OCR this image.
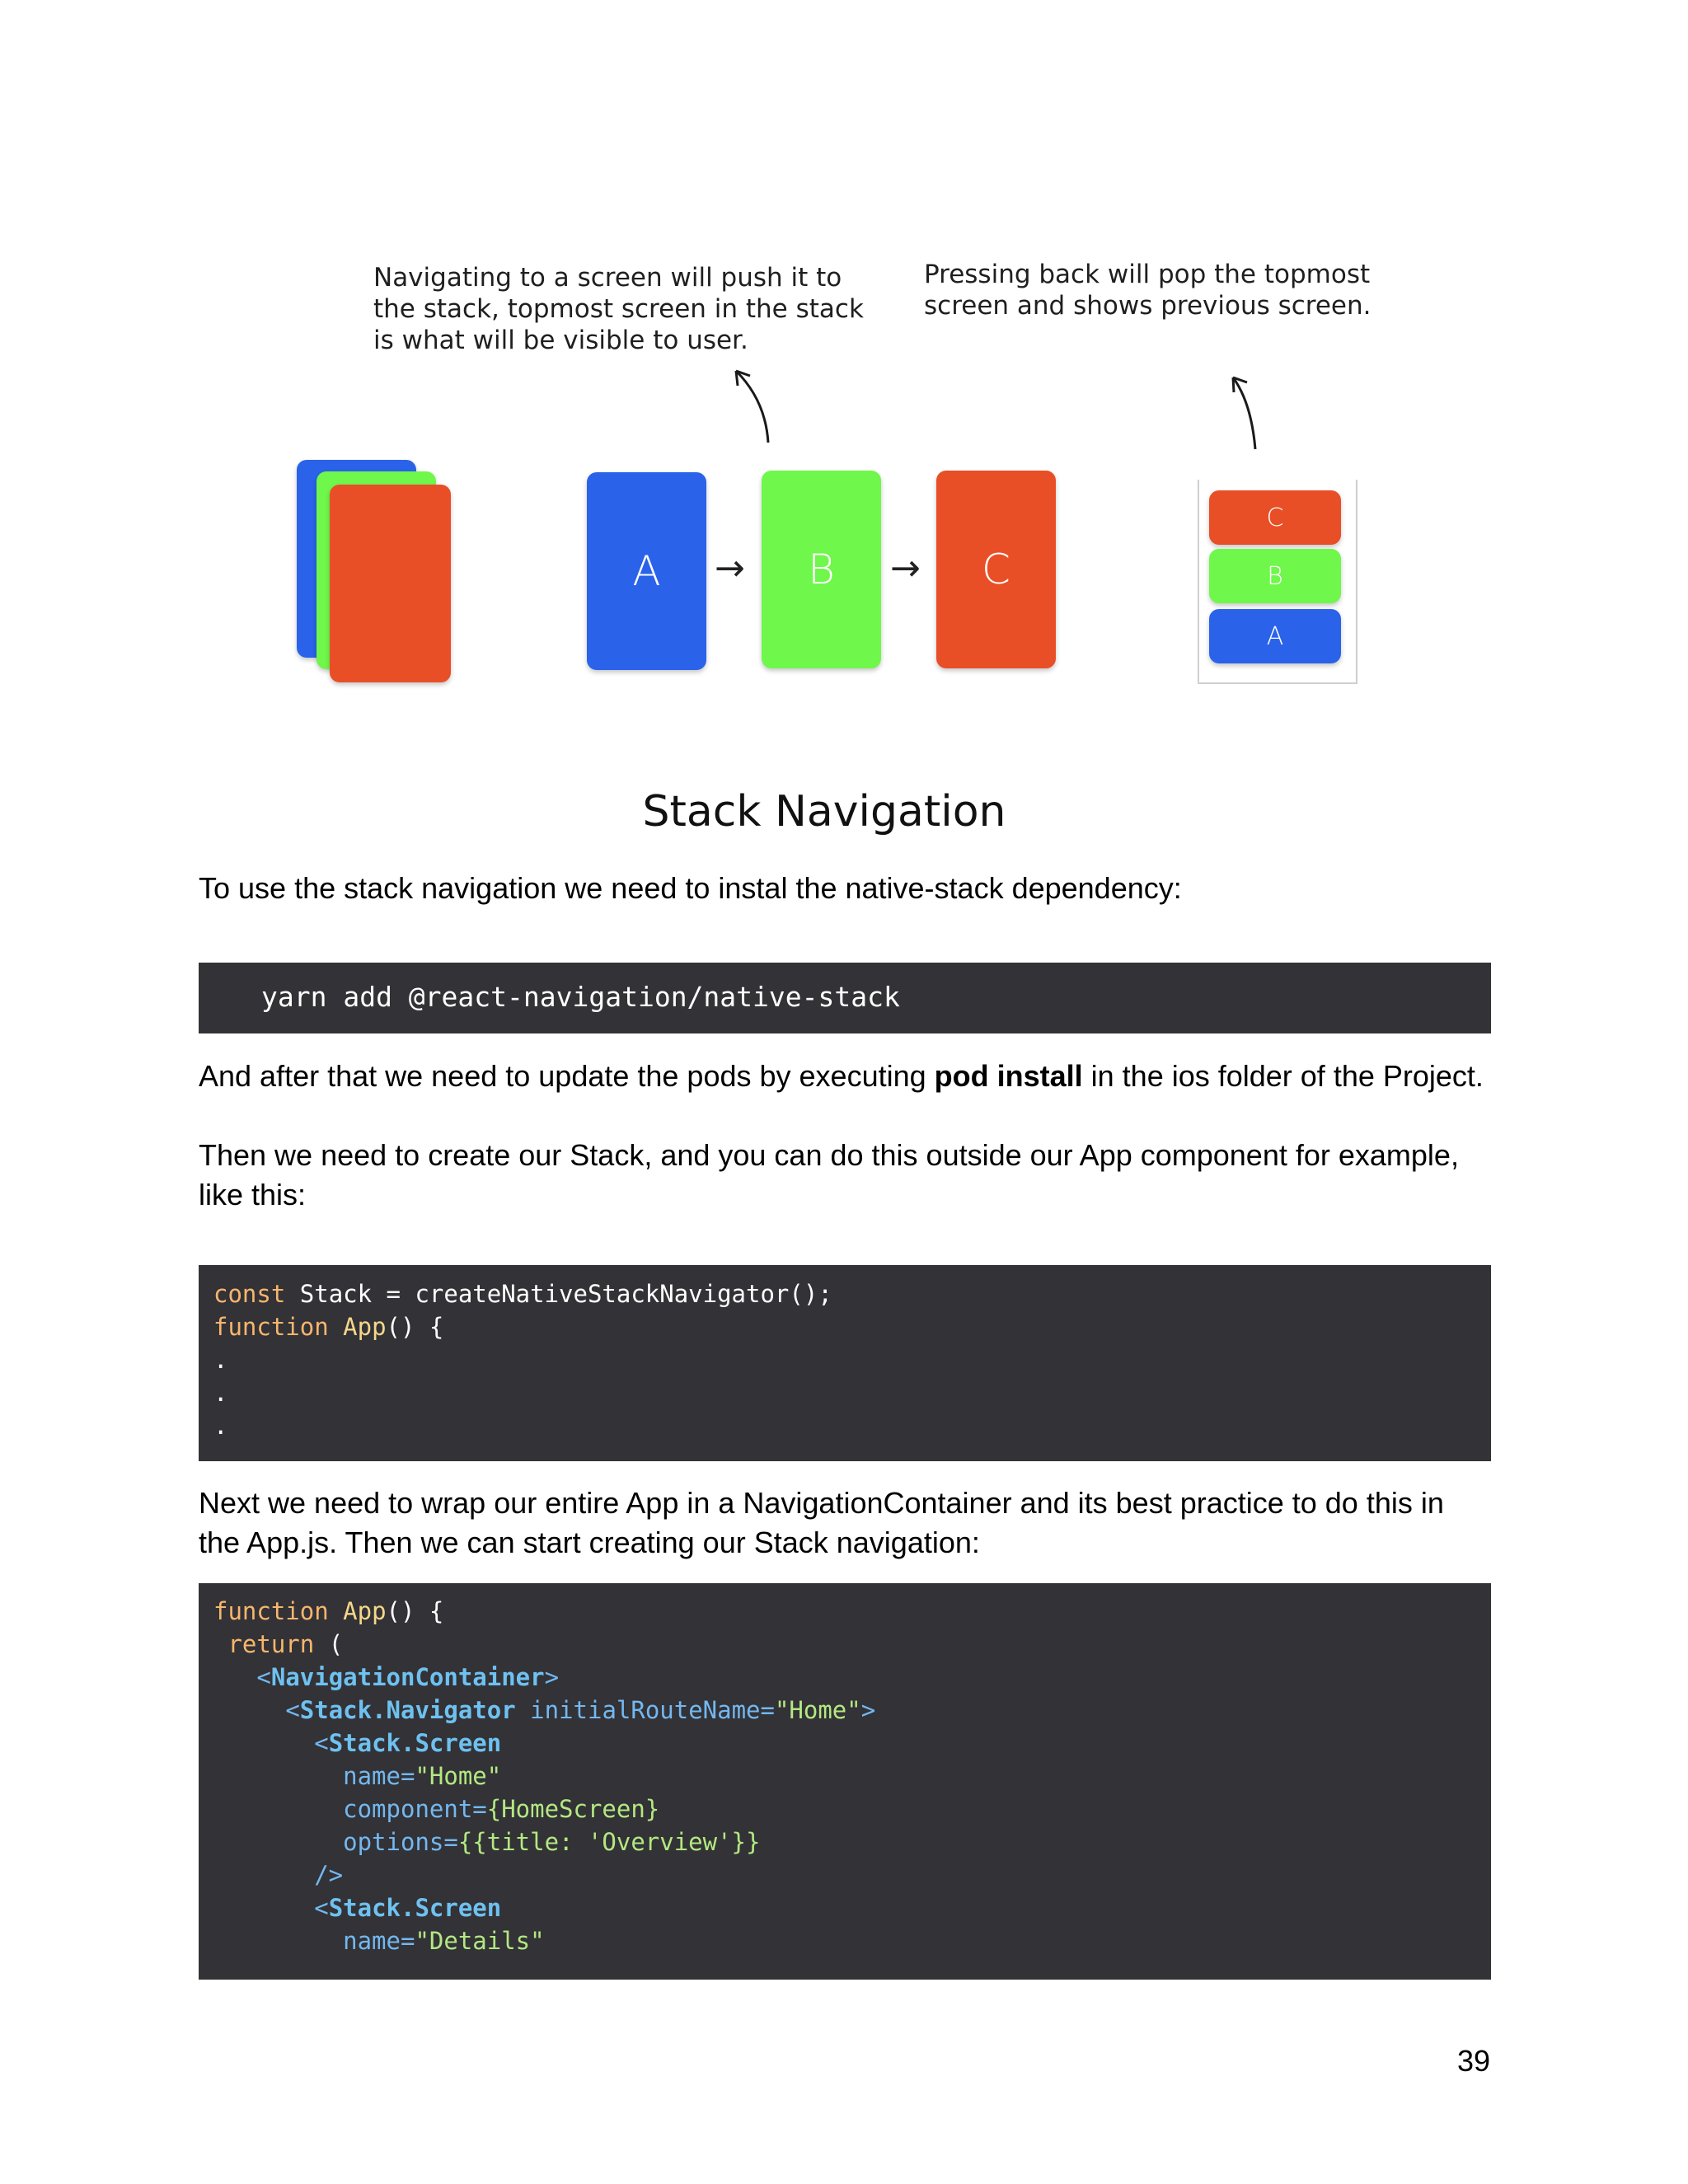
Navigating to a screen will push it to
the stack, topmost screen in the stack
is what will be visible to user.

Pressing back will pop the topmost
screen and shows previous screen.

A → B → C
C
B
A

Stack Navigation

To use the stack navigation we need to instal the native-stack dependency:

yarn add @react-navigation/native-stack

And after that we need to update the pods by executing pod install in the ios folder of the Project.

Then we need to create our Stack, and you can do this outside our App component for example, like this:

const Stack = createNativeStackNavigator();
function App() {
.
.
.

Next we need to wrap our entire App in a NavigationContainer and its best practice to do this in the App.js. Then we can start creating our Stack navigation:

function App() {
return (
<NavigationContainer>
<Stack.Navigator initialRouteName="Home">
<Stack.Screen
name="Home"
component={HomeScreen}
options={{title: 'Overview'}}
/>
<Stack.Screen
name="Details"

39
